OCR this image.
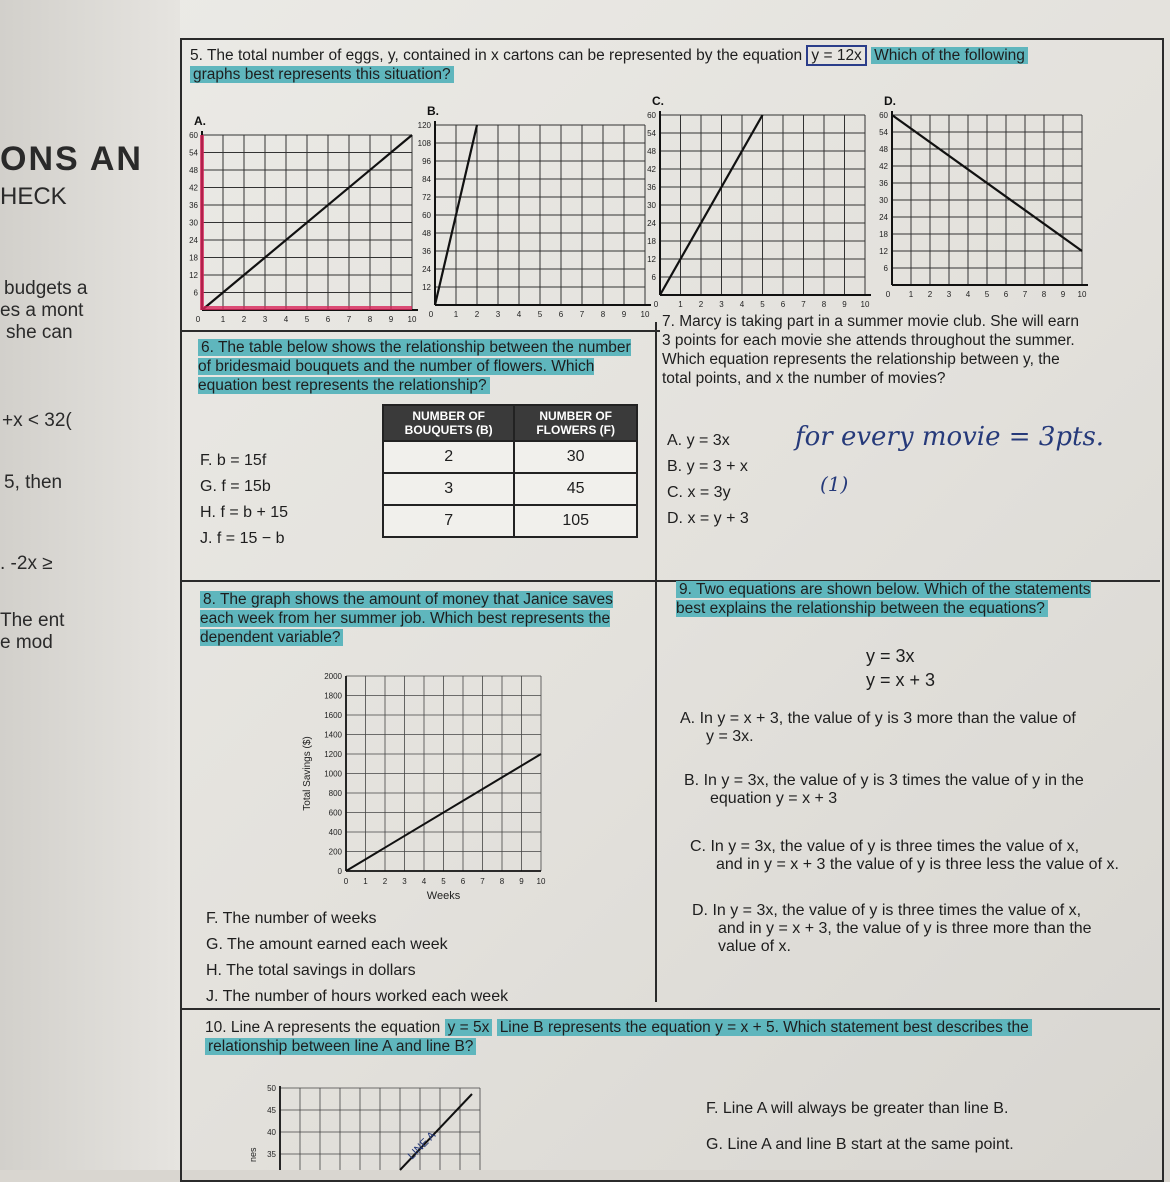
ONS AN
HECK
budgets a
es a mont
she can
+x < 32(
5, then
. -2x ≥
The ent
e mod
5. The total number of eggs, y, contained in x cartons can be represented by the equation y = 12x Which of the following
graphs best represents this situation?
1 2 3 4 5 6 7 8 9 10
6
12
18
24
30
36
42
48
54
60
0
A.
1 2 3 4 5 6 7 8 9 10
12
24
36
48
60
72
84
96
108
120
0
B.
1 2 3 4 5 6 7 8 9 10
6
12
18
24
30
36
42
48
54
60
0
C.
1 2 3 4 5 6 7 8 9 10
6
12
18
24
30
36
42
48
54
60
0
D.
6. The table below shows the relationship between the number of bridesmaid bouquets and the number of flowers. Which equation best represents the relationship?
F. b = 15f
G. f = 15b
H. f = b + 15
J. f = 15 − b
NUMBER OF BOUQUETS (B)	NUMBER OF FLOWERS (F)
2	30
3	45
7	105
7. Marcy is taking part in a summer movie club. She will earn 3 points for each movie she attends throughout the summer. Which equation represents the relationship between y, the total points, and x the number of movies?
A. y = 3x
B. y = 3 + x
C. x = 3y
D. x = y + 3
for every movie = 3pts.
(1)
8. The graph shows the amount of money that Janice saves each week from her summer job. Which best represents the dependent variable?
0 1 2 3 4 5 6 7 8 9 10
0
200
400
600
800
1000
1200
1400
1600
1800
2000
Weeks
Total Savings ($)
F. The number of weeks
G. The amount earned each week
H. The total savings in dollars
J. The number of hours worked each week
9. Two equations are shown below. Which of the statements best explains the relationship between the equations?
y = 3x
y = x + 3
A. In y = x + 3, the value of y is 3 more than the value of
y = 3x.
B. In y = 3x, the value of y is 3 times the value of y in the
equation y = x + 3
C. In y = 3x, the value of y is three times the value of x,
and in y = x + 3 the value of y is three less the value of x.
D. In y = 3x, the value of y is three times the value of x,
and in y = x + 3, the value of y is three more than the
value of x.
10. Line A represents the equation y = 5x Line B represents the equation y = x + 5. Which statement best describes the
relationship between line A and line B?
50
45
40
35	LINE A
nes
F. Line A will always be greater than line B.
G. Line A and line B start at the same point.
